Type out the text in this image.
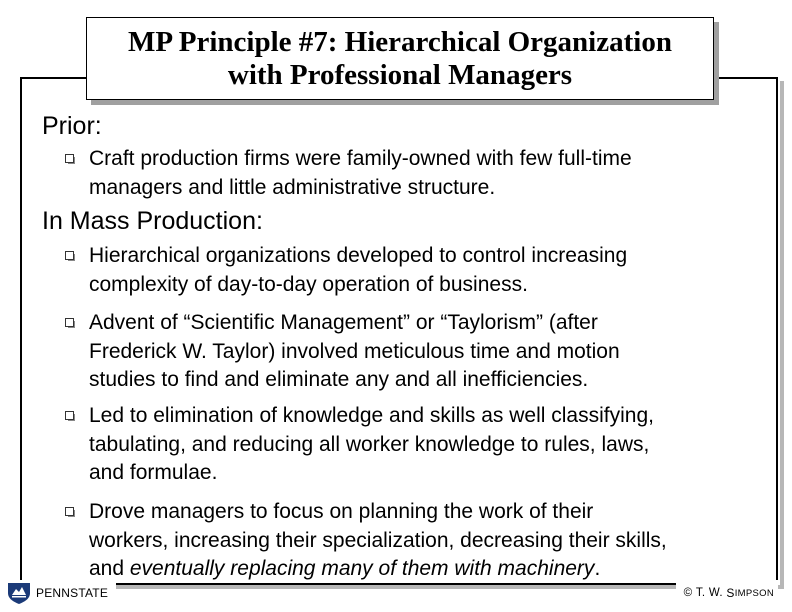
MP Principle #7: Hierarchical Organization
with Professional Managers
Prior:
Craft production firms were family-owned with few full-time
managers and little administrative structure.
In Mass Production:
Hierarchical organizations developed to control increasing
complexity of day-to-day operation of business.
Advent of “Scientific Management” or “Taylorism” (after
Frederick W. Taylor) involved meticulous time and motion
studies to find and eliminate any and all inefficiencies.
Led to elimination of knowledge and skills as well classifying,
tabulating, and reducing all worker knowledge to rules, laws,
and formulae.
Drove managers to focus on planning the work of their
workers, increasing their specialization, decreasing their skills,
and eventually replacing many of them with machinery.
PENNSTATE	©
T. W.
S IMPSON
